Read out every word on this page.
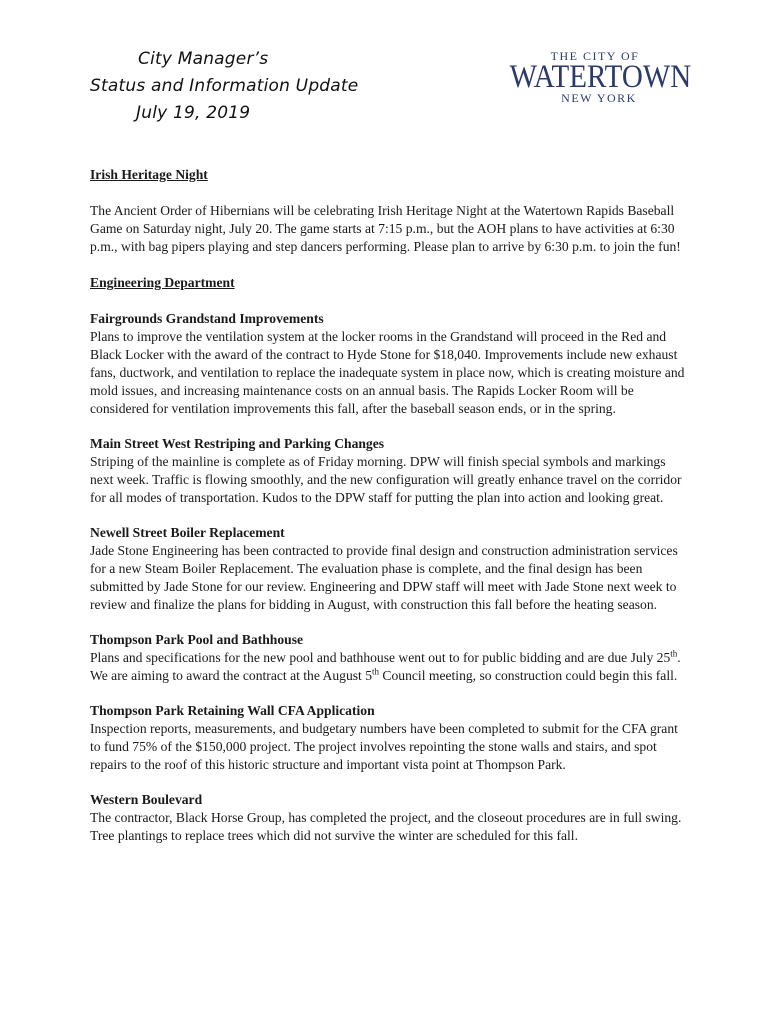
City Manager’s
Status and Information Update
July 19, 2019
THE CITY OF
WATERTOWN
NEW YORK

Irish Heritage Night

The Ancient Order of Hibernians will be celebrating Irish Heritage Night at the Watertown Rapids Baseball Game on Saturday night, July 20. The game starts at 7:15 p.m., but the AOH plans to have activities at 6:30 p.m., with bag pipers playing and step dancers performing. Please plan to arrive by 6:30 p.m. to join the fun!

Engineering Department

Fairgrounds Grandstand Improvements

Plans to improve the ventilation system at the locker rooms in the Grandstand will proceed in the Red and Black Locker with the award of the contract to Hyde Stone for $18,040. Improvements include new exhaust fans, ductwork, and ventilation to replace the inadequate system in place now, which is creating moisture and mold issues, and increasing maintenance costs on an annual basis. The Rapids Locker Room will be considered for ventilation improvements this fall, after the baseball season ends, or in the spring.

Main Street West Restriping and Parking Changes

Striping of the mainline is complete as of Friday morning. DPW will finish special symbols and markings next week. Traffic is flowing smoothly, and the new configuration will greatly enhance travel on the corridor for all modes of transportation. Kudos to the DPW staff for putting the plan into action and looking great.

Newell Street Boiler Replacement

Jade Stone Engineering has been contracted to provide final design and construction administration services for a new Steam Boiler Replacement. The evaluation phase is complete, and the final design has been submitted by Jade Stone for our review. Engineering and DPW staff will meet with Jade Stone next week to review and finalize the plans for bidding in August, with construction this fall before the heating season.

Thompson Park Pool and Bathhouse

Plans and specifications for the new pool and bathhouse went out to for public bidding and are due July 25th. We are aiming to award the contract at the August 5th Council meeting, so construction could begin this fall.

Thompson Park Retaining Wall CFA Application

Inspection reports, measurements, and budgetary numbers have been completed to submit for the CFA grant to fund 75% of the $150,000 project. The project involves repointing the stone walls and stairs, and spot repairs to the roof of this historic structure and important vista point at Thompson Park.

Western Boulevard

The contractor, Black Horse Group, has completed the project, and the closeout procedures are in full swing. Tree plantings to replace trees which did not survive the winter are scheduled for this fall.
